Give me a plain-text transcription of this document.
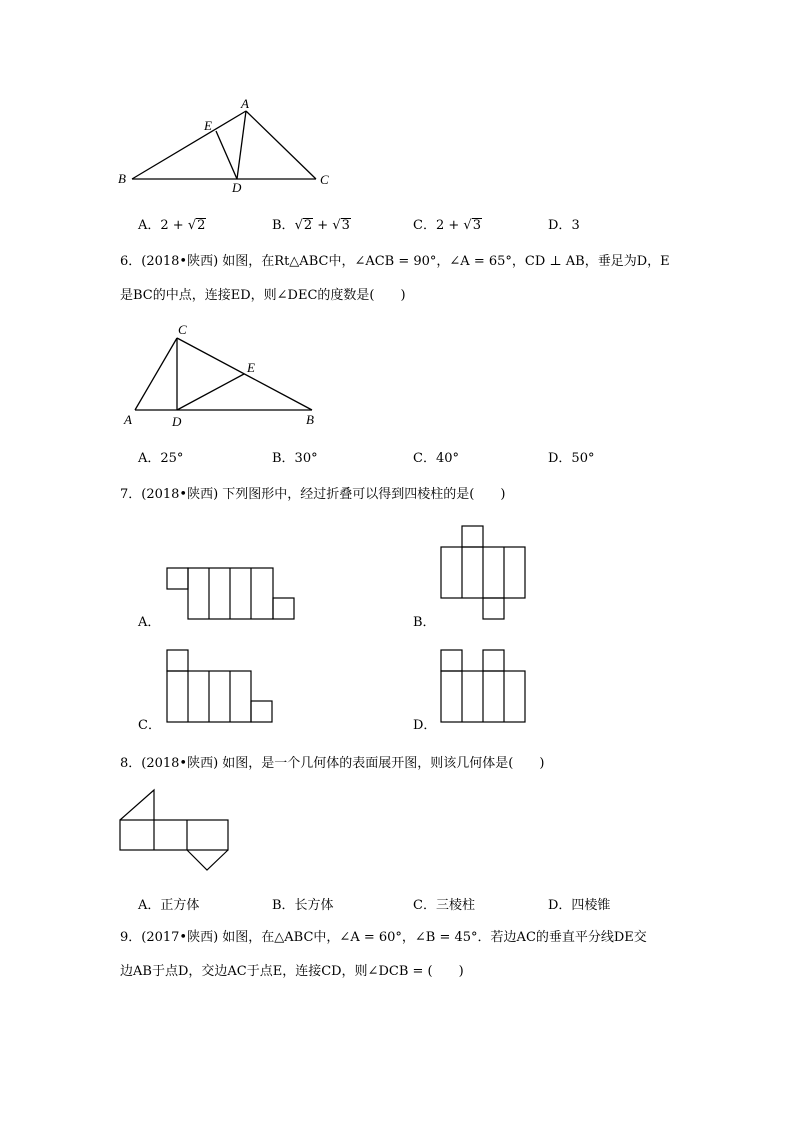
A
E
B
D
C
A．2 + √2	B．√2 + √3	C．2 + √3	D．3
6．(2018•陕西) 如图，在Rt△ABC中，∠ACB = 90°，∠A = 65°，CD ⊥ AB，垂足为D，E
是BC的中点，连接ED，则∠DEC的度数是(　　)
C
E
A	D	B
A．25°	B．30°	C．40°	D．50°
7．(2018•陕西) 下列图形中，经过折叠可以得到四棱柱的是(　　)
A．	B．
C．	D．
8．(2018•陕西) 如图，是一个几何体的表面展开图，则该几何体是(　　)
A．正方体	B．长方体	C．三棱柱	D．四棱锥
9．(2017•陕西) 如图，在△ABC中，∠A = 60°，∠B = 45°．若边AC的垂直平分线DE交
边AB于点D，交边AC于点E，连接CD，则∠DCB = (　　)
